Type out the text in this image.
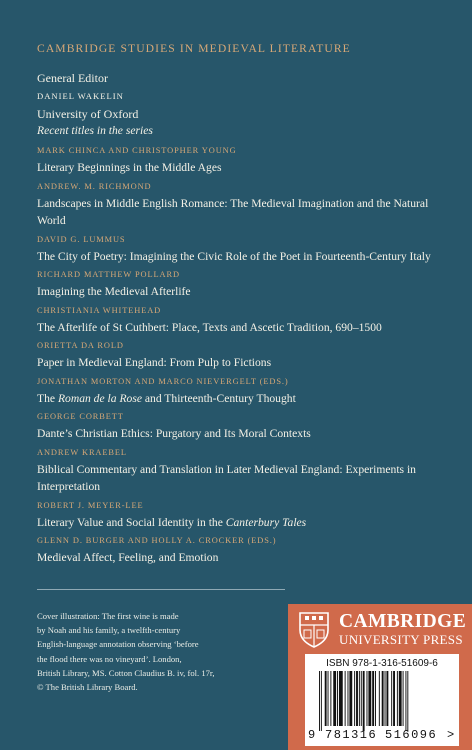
CAMBRIDGE STUDIES IN MEDIEVAL LITERATURE
General Editor
DANIEL WAKELIN
University of Oxford
Recent titles in the series
MARK CHINCA AND CHRISTOPHER YOUNG
Literary Beginnings in the Middle Ages
ANDREW. M. RICHMOND
Landscapes in Middle English Romance: The Medieval Imagination and the Natural World
DAVID G. LUMMUS
The City of Poetry: Imagining the Civic Role of the Poet in Fourteenth-Century Italy
RICHARD MATTHEW POLLARD
Imagining the Medieval Afterlife
CHRISTIANIA WHITEHEAD
The Afterlife of St Cuthbert: Place, Texts and Ascetic Tradition, 690–1500
ORIETTA DA ROLD
Paper in Medieval England: From Pulp to Fictions
JONATHAN MORTON AND MARCO NIEVERGELT (EDS.)
The Roman de la Rose and Thirteenth-Century Thought
GEORGE CORBETT
Dante’s Christian Ethics: Purgatory and Its Moral Contexts
ANDREW KRAEBEL
Biblical Commentary and Translation in Later Medieval England: Experiments in Interpretation
ROBERT J. MEYER-LEE
Literary Value and Social Identity in the Canterbury Tales
GLENN D. BURGER AND HOLLY A. CROCKER (EDS.)
Medieval Affect, Feeling, and Emotion
Cover illustration: The first wine is made
by Noah and his family, a twelfth-century
English-language annotation observing ‘before
the flood there was no vineyard’. London,
British Library, MS. Cotton Claudius B. iv, fol. 17r,
© The British Library Board.
CAMBRIDGE
UNIVERSITY PRESS
ISBN 978-1-316-51609-6
9 781316 516096 >
